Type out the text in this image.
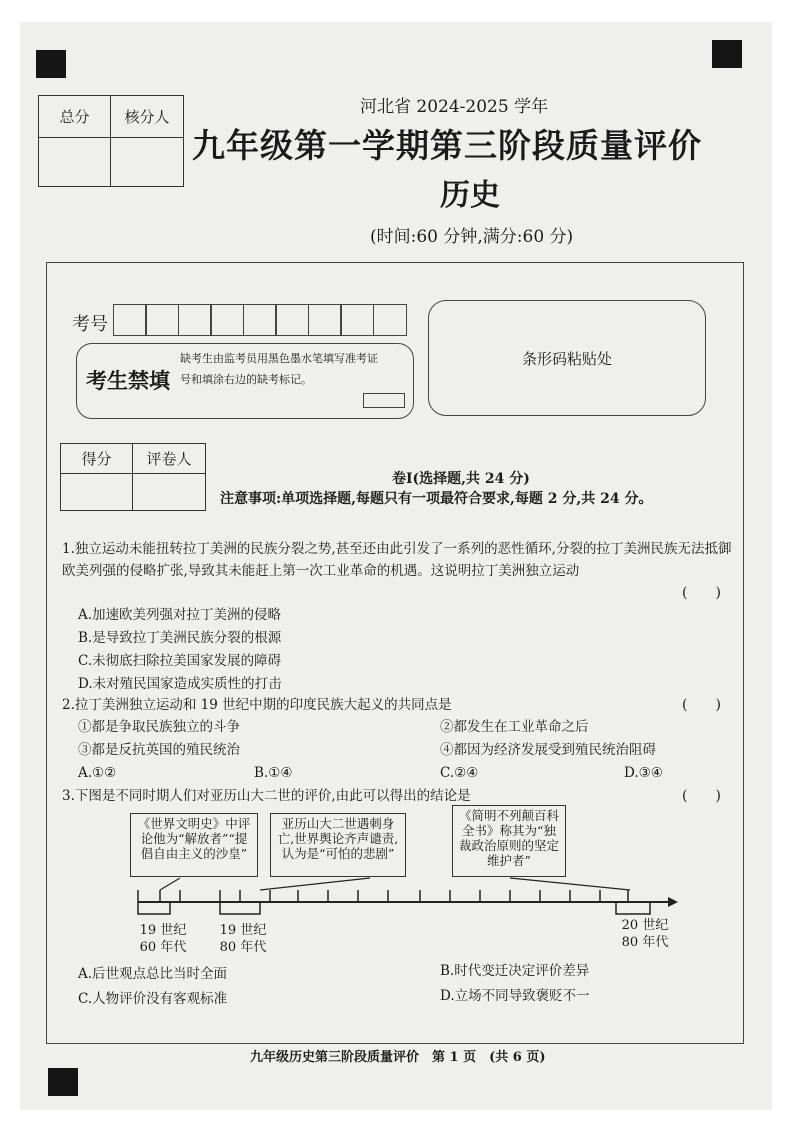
总分	核分人	河北省 2024-2025 学年
九年级第一学期第三阶段质量评价
历史
(时间:60 分钟,满分:60 分)
考号
考生禁填
缺考生由监考员用黑色墨水笔填写准考证号和填涂右边的缺考标记。
条形码粘贴处
得分	评卷人
卷Ⅰ(选择题,共 24 分)
注意事项:单项选择题,每题只有一项最符合要求,每题 2 分,共 24 分。
1.独立运动未能扭转拉丁美洲的民族分裂之势,甚至还由此引发了一系列的恶性循环,分裂的拉丁美洲民族无法抵御欧美列强的侵略扩张,导致其未能赶上第一次工业革命的机遇。这说明拉丁美洲独立运动
(　　)
A.加速欧美列强对拉丁美洲的侵略
B.是导致拉丁美洲民族分裂的根源
C.未彻底扫除拉美国家发展的障碍
D.未对殖民国家造成实质性的打击
2.拉丁美洲独立运动和 19 世纪中期的印度民族大起义的共同点是	(　　)
①都是争取民族独立的斗争	②都发生在工业革命之后
③都是反抗英国的殖民统治	④都因为经济发展受到殖民统治阻碍
A.①②	B.①④	C.②④	D.③④
3.下图是不同时期人们对亚历山大二世的评价,由此可以得出的结论是	(　　)
《世界文明史》中评论他为“解放者”“提倡自由主义的沙皇”
亚历山大二世遇刺身亡,世界舆论齐声谴责,认为是“可怕的悲剧”
《简明不列颠百科全书》称其为“独裁政治原则的坚定维护者”
19 世纪 60 年代
19 世纪 80 年代
20 世纪 80 年代
A.后世观点总比当时全面	B.时代变迁决定评价差异
C.人物评价没有客观标准	D.立场不同导致褒贬不一
九年级历史第三阶段质量评价　第 1 页　(共 6 页)
